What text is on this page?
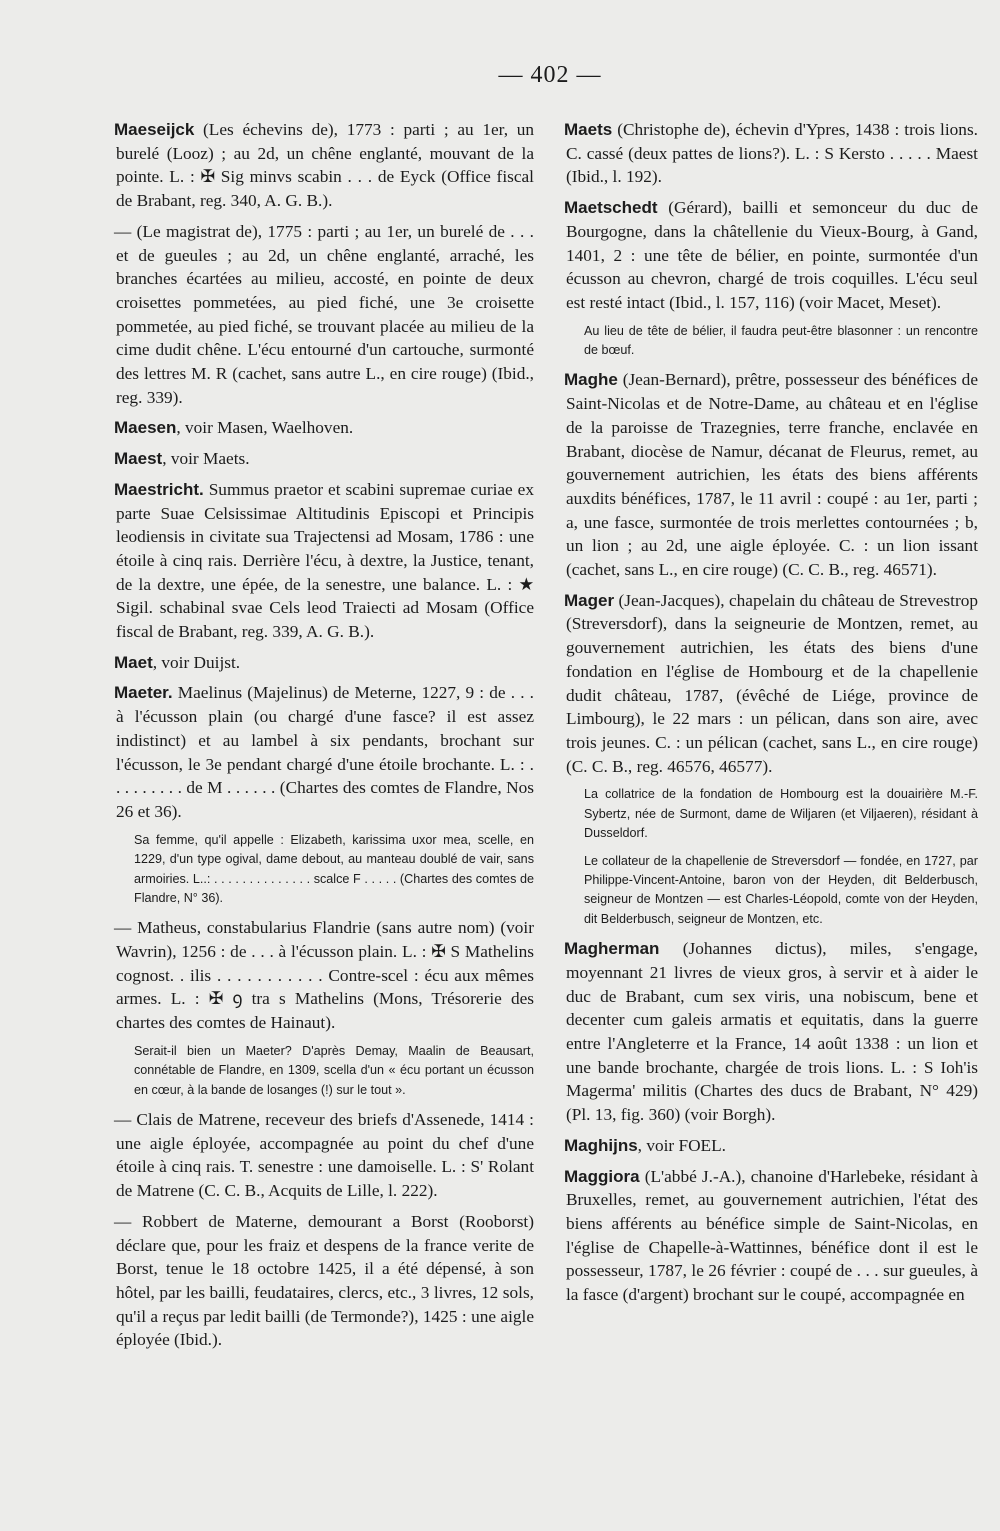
— 402 —

Maeseijck (Les échevins de), 1773 : parti ; au 1er, un burelé (Looz) ; au 2d, un chêne englanté, mouvant de la pointe. L. : ✠ Sig minvs scabin . . . de Eyck (Office fiscal de Brabant, reg. 340, A. G. B.).

— (Le magistrat de), 1775 : parti ; au 1er, un burelé de . . . et de gueules ; au 2d, un chêne englanté, arraché, les branches écartées au milieu, accosté, en pointe de deux croisettes pommetées, au pied fiché, une 3e croisette pommetée, au pied fiché, se trouvant placée au milieu de la cime dudit chêne. L'écu entourné d'un cartouche, surmonté des lettres M. R (cachet, sans autre L., en cire rouge) (Ibid., reg. 339).

Maesen, voir Masen, Waelhoven.

Maest, voir Maets.

Maestricht. Summus praetor et scabini supremae curiae ex parte Suae Celsissimae Altitudinis Episcopi et Principis leodiensis in civitate sua Trajectensi ad Mosam, 1786 : une étoile à cinq rais. Derrière l'écu, à dextre, la Justice, tenant, de la dextre, une épée, de la senestre, une balance. L. : ★ Sigil. schabinal svae Cels leod Traiecti ad Mosam (Office fiscal de Brabant, reg. 339, A. G. B.).

Maet, voir Duijst.

Maeter. Maelinus (Majelinus) de Meterne, 1227, 9 : de . . . à l'écusson plain (ou chargé d'une fasce? il est assez indistinct) et au lambel à six pendants, brochant sur l'écusson, le 3e pendant chargé d'une étoile brochante. L. : . . . . . . . . . de M . . . . . . (Chartes des comtes de Flandre, Nos 26 et 36).

Sa femme, qu'il appelle : Elizabeth, karissima uxor mea, scelle, en 1229, d'un type ogival, dame debout, au manteau doublé de vair, sans armoiries. L..: . . . . . . . . . . . . . . scalce F . . . . . (Chartes des comtes de Flandre, N° 36).

— Matheus, constabularius Flandrie (sans autre nom) (voir Wavrin), 1256 : de . . . à l'écusson plain. L. : ✠ S Mathelins cognost. . ilis . . . . . . . . . . . Contre-scel : écu aux mêmes armes. L. : ✠ ꝯ tra s Mathelins (Mons, Trésorerie des chartes des comtes de Hainaut).

Serait-il bien un Maeter? D'après Demay, Maalin de Beausart, connétable de Flandre, en 1309, scella d'un « écu portant un écusson en cœur, à la bande de losanges (!) sur le tout ».

— Clais de Matrene, receveur des briefs d'Assenede, 1414 : une aigle éployée, accompagnée au point du chef d'une étoile à cinq rais. T. senestre : une damoiselle. L. : S' Rolant de Matrene (C. C. B., Acquits de Lille, l. 222).

— Robbert de Materne, demourant a Borst (Rooborst) déclare que, pour les fraiz et despens de la france verite de Borst, tenue le 18 octobre 1425, il a été dépensé, à son hôtel, par les bailli, feudataires, clercs, etc., 3 livres, 12 sols, qu'il a reçus par ledit bailli (de Termonde?), 1425 : une aigle éployée (Ibid.).

Maets (Christophe de), échevin d'Ypres, 1438 : trois lions. C. cassé (deux pattes de lions?). L. : S Kersto . . . . . Maest (Ibid., l. 192).

Maetschedt (Gérard), bailli et semonceur du duc de Bourgogne, dans la châtellenie du Vieux-Bourg, à Gand, 1401, 2 : une tête de bélier, en pointe, surmontée d'un écusson au chevron, chargé de trois coquilles. L'écu seul est resté intact (Ibid., l. 157, 116) (voir Macet, Meset).

Au lieu de tête de bélier, il faudra peut-être blasonner : un rencontre de bœuf.

Maghe (Jean-Bernard), prêtre, possesseur des bénéfices de Saint-Nicolas et de Notre-Dame, au château et en l'église de la paroisse de Trazegnies, terre franche, enclavée en Brabant, diocèse de Namur, décanat de Fleurus, remet, au gouvernement autrichien, les états des biens afférents auxdits bénéfices, 1787, le 11 avril : coupé : au 1er, parti ; a, une fasce, surmontée de trois merlettes contournées ; b, un lion ; au 2d, une aigle éployée. C. : un lion issant (cachet, sans L., en cire rouge) (C. C. B., reg. 46571).

Mager (Jean-Jacques), chapelain du château de Strevestrop (Streversdorf), dans la seigneurie de Montzen, remet, au gouvernement autrichien, les états des biens d'une fondation en l'église de Hombourg et de la chapellenie dudit château, 1787, (évêché de Liége, province de Limbourg), le 22 mars : un pélican, dans son aire, avec trois jeunes. C. : un pélican (cachet, sans L., en cire rouge) (C. C. B., reg. 46576, 46577).

La collatrice de la fondation de Hombourg est la douairière M.-F. Sybertz, née de Surmont, dame de Wiljaren (et Viljaeren), résidant à Dusseldorf.

Le collateur de la chapellenie de Streversdorf — fondée, en 1727, par Philippe-Vincent-Antoine, baron von der Heyden, dit Belderbusch, seigneur de Montzen — est Charles-Léopold, comte von der Heyden, dit Belderbusch, seigneur de Montzen, etc.

Magherman (Johannes dictus), miles, s'engage, moyennant 21 livres de vieux gros, à servir et à aider le duc de Brabant, cum sex viris, una nobiscum, bene et decenter cum galeis armatis et equitatis, dans la guerre entre l'Angleterre et la France, 14 août 1338 : un lion et une bande brochante, chargée de trois lions. L. : S Ioh'is Magerma' militis (Chartes des ducs de Brabant, N° 429) (Pl. 13, fig. 360) (voir Borgh).

Maghijns, voir FOEL.

Maggiora (L'abbé J.-A.), chanoine d'Harlebeke, résidant à Bruxelles, remet, au gouvernement autrichien, l'état des biens afférents au bénéfice simple de Saint-Nicolas, en l'église de Chapelle-à-Wattinnes, bénéfice dont il est le possesseur, 1787, le 26 février : coupé de . . . sur gueules, à la fasce (d'argent) brochant sur le coupé, accompagnée en
